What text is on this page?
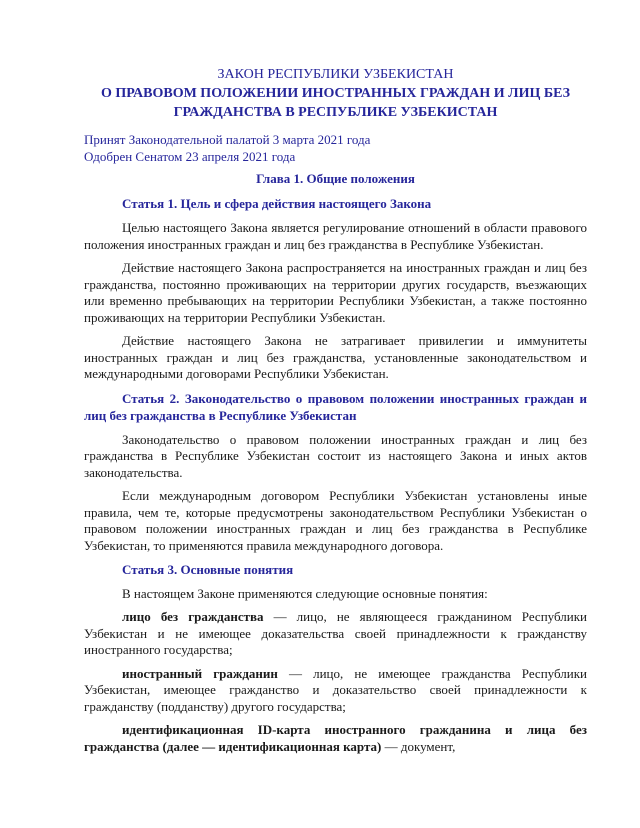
ЗАКОН РЕСПУБЛИКИ УЗБЕКИСТАН
О ПРАВОВОМ ПОЛОЖЕНИИ ИНОСТРАННЫХ ГРАЖДАН И ЛИЦ БЕЗ ГРАЖДАНСТВА В РЕСПУБЛИКЕ УЗБЕКИСТАН
Принят Законодательной палатой 3 марта 2021 года
Одобрен Сенатом 23 апреля 2021 года
Глава 1. Общие положения
Статья 1. Цель и сфера действия настоящего Закона

Целью настоящего Закона является регулирование отношений в области правового положения иностранных граждан и лиц без гражданства в Республике Узбекистан.

Действие настоящего Закона распространяется на иностранных граждан и лиц без гражданства, постоянно проживающих на территории других государств, въезжающих или временно пребывающих на территории Республики Узбекистан, а также постоянно проживающих на территории Республики Узбекистан.

Действие настоящего Закона не затрагивает привилегии и иммунитеты иностранных граждан и лиц без гражданства, установленные законодательством и международными договорами Республики Узбекистан.

Статья 2. Законодательство о правовом положении иностранных граждан и лиц без гражданства в Республике Узбекистан

Законодательство о правовом положении иностранных граждан и лиц без гражданства в Республике Узбекистан состоит из настоящего Закона и иных актов законодательства.

Если международным договором Республики Узбекистан установлены иные правила, чем те, которые предусмотрены законодательством Республики Узбекистан о правовом положении иностранных граждан и лиц без гражданства в Республике Узбекистан, то применяются правила международного договора.

Статья 3. Основные понятия

В настоящем Законе применяются следующие основные понятия:

лицо без гражданства — лицо, не являющееся гражданином Республики Узбекистан и не имеющее доказательства своей принадлежности к гражданству иностранного государства;

иностранный гражданин — лицо, не имеющее гражданства Республики Узбекистан, имеющее гражданство и доказательство своей принадлежности к гражданству (подданству) другого государства;

идентификационная ID-карта иностранного гражданина и лица без гражданства (далее — идентификационная карта) — документ,
